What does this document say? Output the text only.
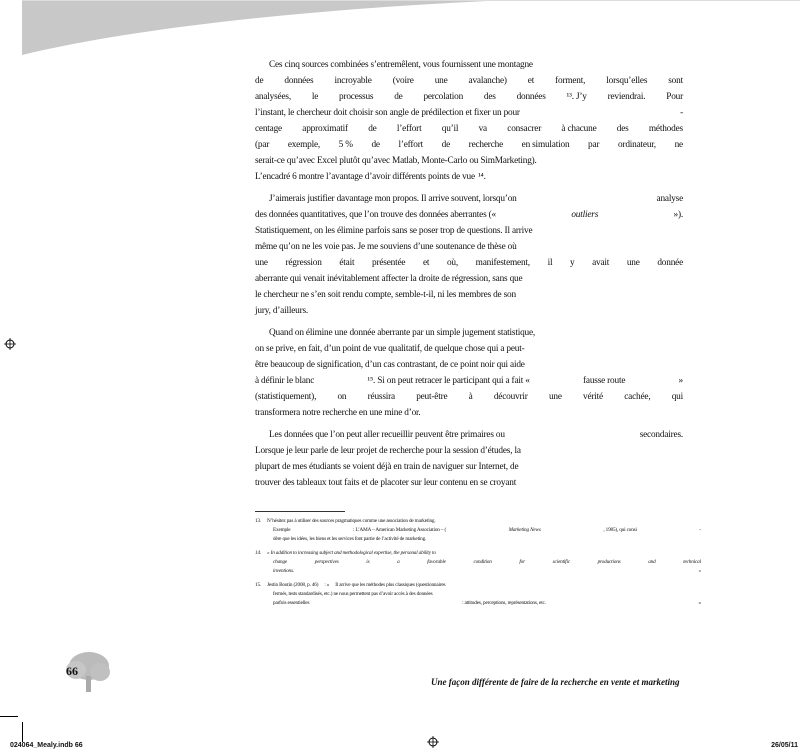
Ces cinq sources combinées s’entremêlent, vous fournissent une montagne
de données incroyable (voire une avalanche) et forment, lorsqu’elles sont
analysées, le processus de percolation des données ¹³. J’y reviendrai. Pour
l’instant, le chercheur doit choisir son angle de prédilection et fixer un pour	-
centage approximatif de l’effort qu’il va consacrer à chacune des méthodes
(par exemple, 5 % de l’effort de recherche en simulation par ordinateur, ne
serait-ce qu’avec Excel plutôt qu’avec Matlab, Monte-Carlo ou SimMarketing).
L’encadré 6 montre l’avantage d’avoir différents points de vue ¹⁴.
J’aimerais justifier davantage mon propos. Il arrive souvent, lorsqu’on	analyse
des données quantitatives, que l’on trouve des données aberrantes («	outliers	»).
Statistiquement, on les élimine parfois sans se poser trop de questions. Il arrive
même qu’on ne les voie pas. Je me souviens d’une soutenance de thèse où
une régression était présentée et où, manifestement, il y avait une donnée
aberrante qui venait inévitablement affecter la droite de régression, sans que
le chercheur ne s’en soit rendu compte, semble-t-il, ni les membres de son
jury, d’ailleurs.
Quand on élimine une donnée aberrante par un simple jugement statistique,
on se prive, en fait, d’un point de vue qualitatif, de quelque chose qui a peut-
être beaucoup de signification, d’un cas contrastant, de ce point noir qui aide
à définir le blanc	¹⁵. Si on peut retracer le participant qui a fait «	fausse route	»
(statistiquement), on réussira peut-être à découvrir une vérité cachée, qui
transformera notre recherche en une mine d’or.
Les données que l’on peut aller recueillir peuvent être primaires ou	secondaires.
Lorsque je leur parle de leur projet de recherche pour la session d’études, la
plupart de mes étudiants se voient déjà en train de naviguer sur Internet, de
trouver des tableaux tout faits et de placoter sur leur contenu en se croyant
13. N’hésitez pas à utiliser des sources pragmatiques comme une association de marketing.
Exemple	: L’AMA – American Marketing Association – (	Marketing News	, 1985), qui consi	-
dère que les idées, les biens et les services font partie de l’activité de marketing.
14. « In addition to increasing subject and methodological expertise, the personal ability to
change	perspectives	is	a	favorable	condition	for	scientific	productions	and	technical
inventions.	»
15. Jestin Boutin (2008, p. 46) : « Il arrive que les méthodes plus classiques (questionnaires
fermés, tests standardisés, etc.) ne nous permettent pas d’avoir accès à des données
parfois essentielles	: attitudes, perceptions, représentations, etc.	»
66
Une façon différente de faire de la recherche en vente et marketing
024064_Mealy.indb 66	26/05/11
